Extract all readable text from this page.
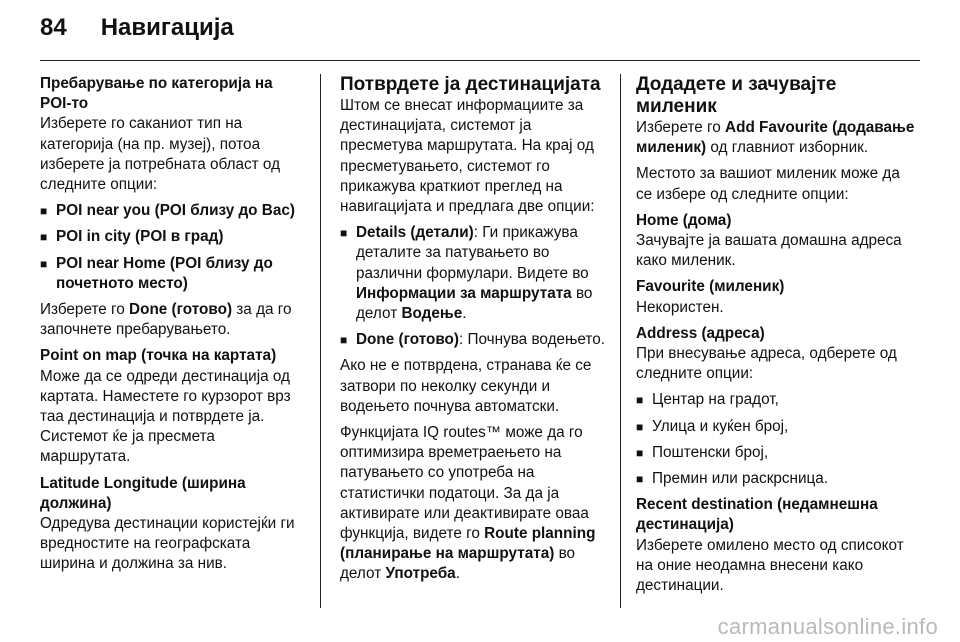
84 Навигација

Пребарување по категорија на POI-то

Изберете го саканиот тип на категорија (на пр. музеј), потоа изберете ја потребната област од следните опции:

■ POI near you (POI близу до Вас)
■ POI in city (POI в град)
■ POI near Home (POI близу до почетното место)

Изберете го Done (готово) за да го започнете пребарувањето.

Point on map (точка на картата)

Може да се одреди дестинација од картата. Наместете го курзорот врз таа дестинација и потврдете ја. Системот ќе ја пресмета маршрутата.

Latitude Longitude (ширина должина)

Одредува дестинации користејќи ги вредностите на географската ширина и должина за нив.

Потврдете ја дестинацијата

Штом се внесат информациите за дестинацијата, системот ја пресметува маршрутата. На крај од пресметувањето, системот го прикажува краткиот преглед на навигацијата и предлага две опции:

■ Details (детали): Ги прикажува деталите за патувањето во различни формулари. Видете во Информации за маршрутата во делот Водење.
■ Done (готово): Почнува водењето.

Ако не е потврдена, странава ќе се затвори по неколку секунди и водењето почнува автоматски.

Функцијата IQ routes™ може да го оптимизира времетраењето на патувањето со употреба на статистички податоци. За да ја активирате или деактивирате оваа функција, видете го Route planning (планирање на маршрутата) во делот Употреба.

Додадете и зачувајте миленик

Изберете го Add Favourite (додавање миленик) од главниот изборник.

Местото за вашиот миленик може да се избере од следните опции:

Home (дома)

Зачувајте ја вашата домашна адреса како миленик.

Favourite (миленик)

Некористен.

Address (адреса)

При внесување адреса, одберете од следните опции:

■ Центар на градот,
■ Улица и куќен број,
■ Поштенски број,
■ Премин или раскрсница.

Recent destination (недамнешна дестинација)

Изберете омилено место од списокот на оние неодамна внесени како дестинации.

carmanualsonline.info
